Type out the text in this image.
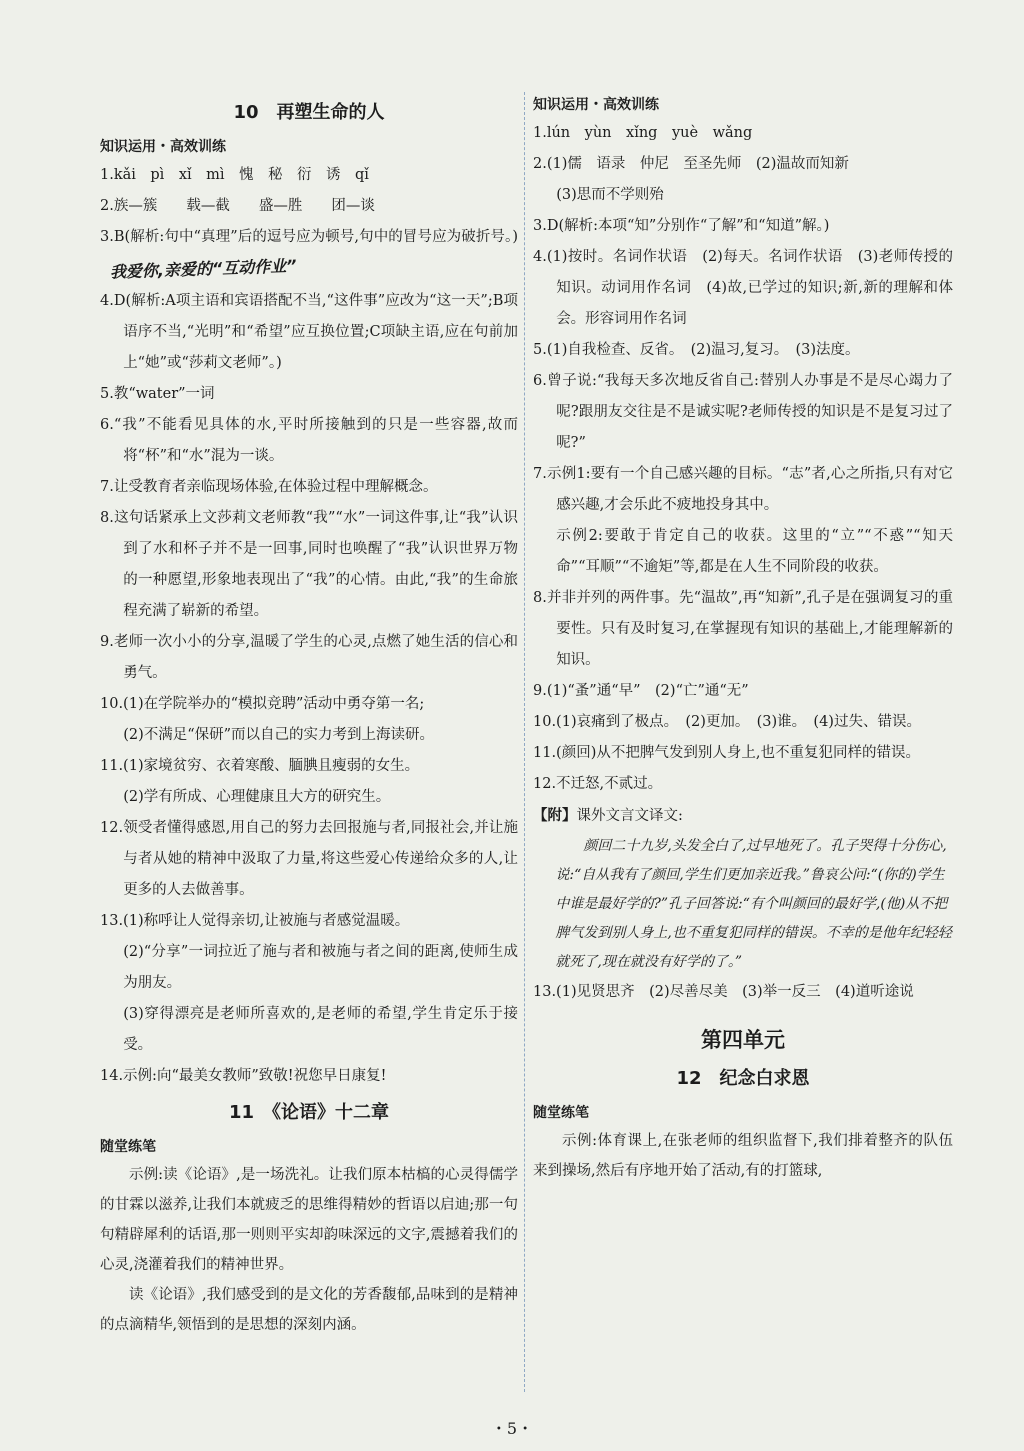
10　再塑生命的人

知识运用・高效训练

1.kǎi　pì　xǐ　mì　愧　秘　衍　诱　qǐ

2.族—簇　　载—截　　盛—胜　　团—谈

3.B(解析:句中“真理”后的逗号应为顿号,句中的冒号应为破折号。)我爱你,亲爱的“互动作业”

4.D(解析:A项主语和宾语搭配不当,“这件事”应改为“这一天”;B项语序不当,“光明”和“希望”应互换位置;C项缺主语,应在句前加上“她”或“莎莉文老师”。)

5.教“water”一词

6.“我”不能看见具体的水,平时所接触到的只是一些容器,故而将“杯”和“水”混为一谈。

7.让受教育者亲临现场体验,在体验过程中理解概念。

8.这句话紧承上文莎莉文老师教“我”“水”一词这件事,让“我”认识到了水和杯子并不是一回事,同时也唤醒了“我”认识世界万物的一种愿望,形象地表现出了“我”的心情。由此,“我”的生命旅程充满了崭新的希望。

9.老师一次小小的分享,温暖了学生的心灵,点燃了她生活的信心和勇气。

10.(1)在学院举办的“模拟竞聘”活动中勇夺第一名;

(2)不满足“保研”而以自己的实力考到上海读研。

11.(1)家境贫穷、衣着寒酸、腼腆且瘦弱的女生。

(2)学有所成、心理健康且大方的研究生。

12.领受者懂得感恩,用自己的努力去回报施与者,同报社会,并让施与者从她的精神中汲取了力量,将这些爱心传递给众多的人,让更多的人去做善事。

13.(1)称呼让人觉得亲切,让被施与者感觉温暖。

(2)“分享”一词拉近了施与者和被施与者之间的距离,使师生成为朋友。

(3)穿得漂亮是老师所喜欢的,是老师的希望,学生肯定乐于接受。

14.示例:向“最美女教师”致敬!祝您早日康复!

11　《论语》十二章

随堂练笔

示例:读《论语》,是一场洗礼。让我们原本枯槁的心灵得儒学的甘霖以滋养,让我们本就疲乏的思维得精妙的哲语以启迪;那一句句精辟犀利的话语,那一则则平实却韵味深远的文字,震撼着我们的心灵,浇灌着我们的精神世界。

读《论语》,我们感受到的是文化的芳香馥郁,品味到的是精神的点滴精华,领悟到的是思想的深刻内涵。

知识运用・高效训练

1.lún　yùn　xǐng　yuè　wǎng

2.(1)儒　语录　仲尼　至圣先师　(2)温故而知新

(3)思而不学则殆

3.D(解析:本项“知”分别作“了解”和“知道”解。)

4.(1)按时。名词作状语　(2)每天。名词作状语　(3)老师传授的知识。动词用作名词　(4)故,已学过的知识;新,新的理解和体会。形容词用作名词

5.(1)自我检查、反省。　(2)温习,复习。　(3)法度。

6.曾子说:“我每天多次地反省自己:替别人办事是不是尽心竭力了呢?跟朋友交往是不是诚实呢?老师传授的知识是不是复习过了呢?”

7.示例1:要有一个自己感兴趣的目标。“志”者,心之所指,只有对它感兴趣,才会乐此不疲地投身其中。

示例2:要敢于肯定自己的收获。这里的“立”“不惑”“知天命”“耳顺”“不逾矩”等,都是在人生不同阶段的收获。

8.并非并列的两件事。先“温故”,再“知新”,孔子是在强调复习的重要性。只有及时复习,在掌握现有知识的基础上,才能理解新的知识。

9.(1)“蚤”通“早”　(2)“亡”通“无”

10.(1)哀痛到了极点。　(2)更加。　(3)谁。　(4)过失、错误。

11.(颜回)从不把脾气发到别人身上,也不重复犯同样的错误。

12.不迁怒,不贰过。

【附】课外文言文译文:

颜回二十九岁,头发全白了,过早地死了。孔子哭得十分伤心,说:“自从我有了颜回,学生们更加亲近我。”鲁哀公问:“(你的)学生中谁是最好学的?”孔子回答说:“有个叫颜回的最好学,(他)从不把脾气发到别人身上,也不重复犯同样的错误。不幸的是他年纪轻轻就死了,现在就没有好学的了。”

13.(1)见贤思齐　(2)尽善尽美　(3)举一反三　(4)道听途说

第四单元
12　纪念白求恩

随堂练笔

示例:体育课上,在张老师的组织监督下,我们排着整齐的队伍来到操场,然后有序地开始了活动,有的打篮球,

・5・
